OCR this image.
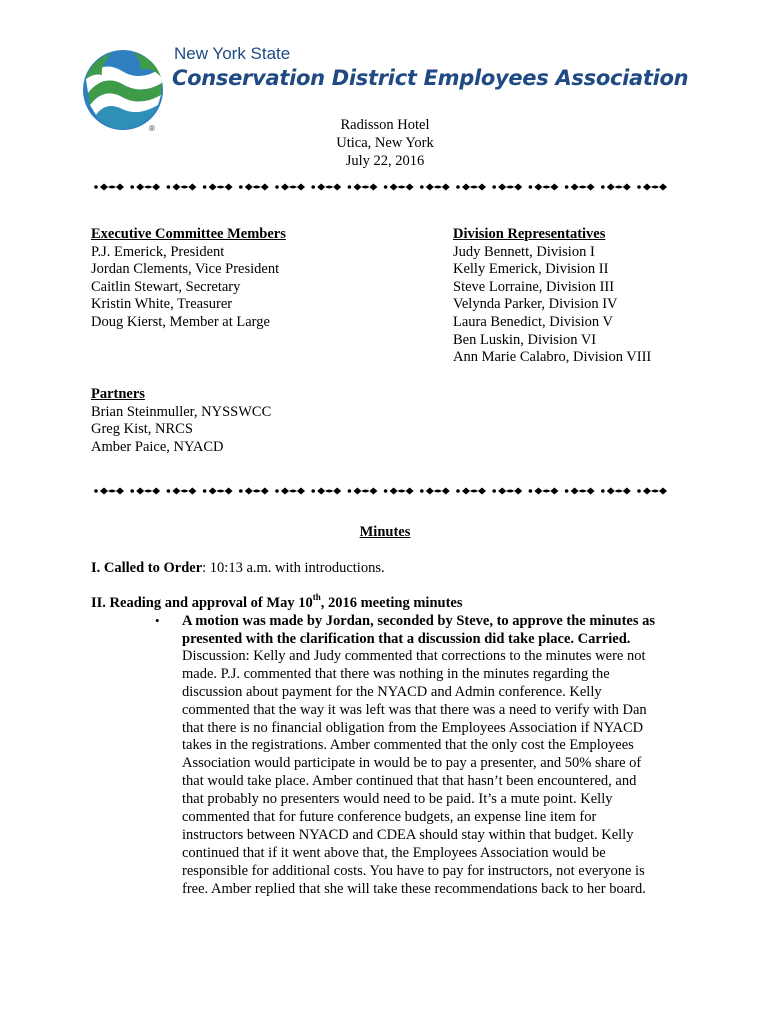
®
New York State
Conservation District Employees Association
Radisson Hotel
Utica, New York
July 22, 2016
Executive Committee Members
P.J. Emerick, President
Jordan Clements, Vice President
Caitlin Stewart, Secretary
Kristin White, Treasurer
Doug Kierst, Member at Large
Division Representatives
Judy Bennett, Division I
Kelly Emerick, Division II
Steve Lorraine, Division III
Velynda Parker, Division IV
Laura Benedict, Division V
Ben Luskin, Division VI
Ann Marie Calabro, Division VIII
Partners
Brian Steinmuller, NYSSWCC
Greg Kist, NRCS
Amber Paice, NYACD
Minutes
I. Called to Order: 10:13 a.m. with introductions.
II. Reading and approval of May 10th, 2016 meeting minutes
• A motion was made by Jordan, seconded by Steve, to approve the minutes as
presented with the clarification that a discussion did take place. Carried.
Discussion: Kelly and Judy commented that corrections to the minutes were not
made. P.J. commented that there was nothing in the minutes regarding the
discussion about payment for the NYACD and Admin conference. Kelly
commented that the way it was left was that there was a need to verify with Dan
that there is no financial obligation from the Employees Association if NYACD
takes in the registrations. Amber commented that the only cost the Employees
Association would participate in would be to pay a presenter, and 50% share of
that would take place. Amber continued that that hasn’t been encountered, and
that probably no presenters would need to be paid. It’s a mute point. Kelly
commented that for future conference budgets, an expense line item for
instructors between NYACD and CDEA should stay within that budget. Kelly
continued that if it went above that, the Employees Association would be
responsible for additional costs. You have to pay for instructors, not everyone is
free. Amber replied that she will take these recommendations back to her board.
